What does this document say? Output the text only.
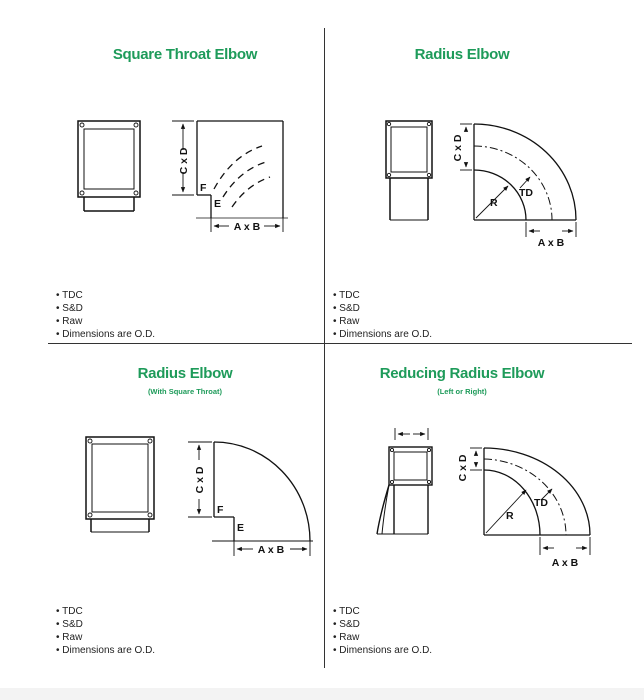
Square Throat Elbow
C x D
A x B
F
E
• TDC
• S&D
• Raw
• Dimensions are O.D.
Radius Elbow
C x D
A x B
R
TD
• TDC
• S&D
• Raw
• Dimensions are O.D.
Radius Elbow
(With Square Throat)
C x D
A x B
F
E
• TDC
• S&D
• Raw
• Dimensions are O.D.
Reducing Radius Elbow
(Left or Right)
C x D
A x B
R
TD
• TDC
• S&D
• Raw
• Dimensions are O.D.
